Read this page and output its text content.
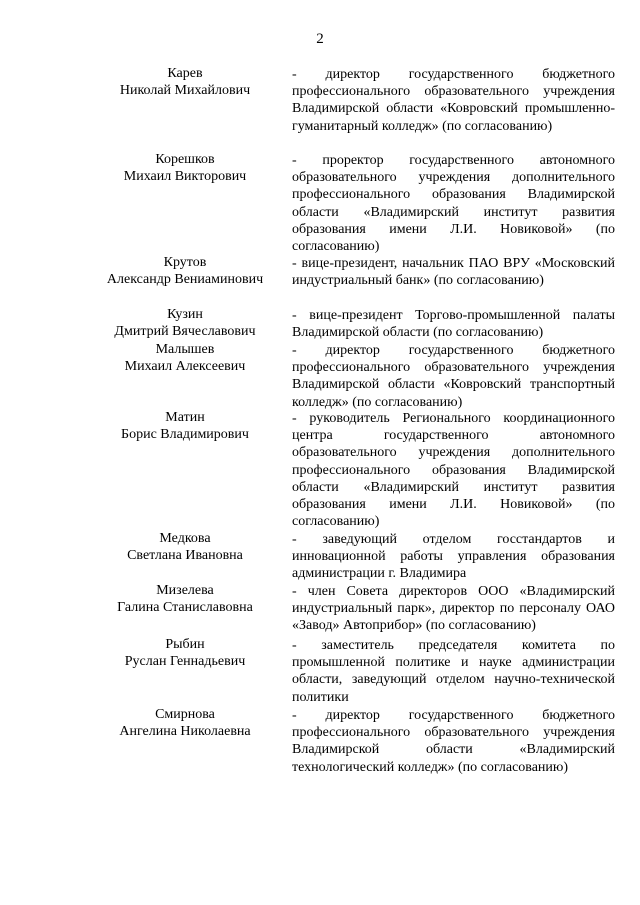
2
Карев
Николай Михайлович
- директор государственного бюджетного профессионального образовательного учреждения Владимирской области «Ковровский промышленно-гуманитарный колледж» (по согласованию)
Корешков
Михаил Викторович
- проректор государственного автономного образовательного учреждения дополнительного профессионального образования Владимирской области «Владимирский институт развития образования имени Л.И. Новиковой» (по согласованию)
Крутов
Александр Вениаминович
- вице-президент, начальник ПАО ВРУ «Московский индустриальный банк» (по согласованию)
Кузин
Дмитрий Вячеславович
- вице-президент Торгово-промышленной палаты Владимирской области (по согласованию)
Малышев
Михаил Алексеевич
- директор государственного бюджетного профессионального образовательного учреждения Владимирской области «Ковровский транспортный колледж» (по согласованию)
Матин
Борис Владимирович
- руководитель Регионального координационного центра государственного автономного образовательного учреждения дополнительного профессионального образования Владимирской области «Владимирский институт развития образования имени Л.И. Новиковой» (по согласованию)
Медкова
Светлана Ивановна
- заведующий отделом госстандартов и инновационной работы управления образования администрации г. Владимира
Мизелева
Галина Станиславовна
- член Совета директоров ООО «Владимирский индустриальный парк», директор по персоналу ОАО «Завод» Автоприбор» (по согласованию)
Рыбин
Руслан Геннадьевич
- заместитель председателя комитета по промышленной политике и науке администрации области, заведующий отделом научно-технической политики
Смирнова
Ангелина Николаевна
- директор государственного бюджетного профессионального образовательного учреждения Владимирской области «Владимирский технологический колледж» (по согласованию)
